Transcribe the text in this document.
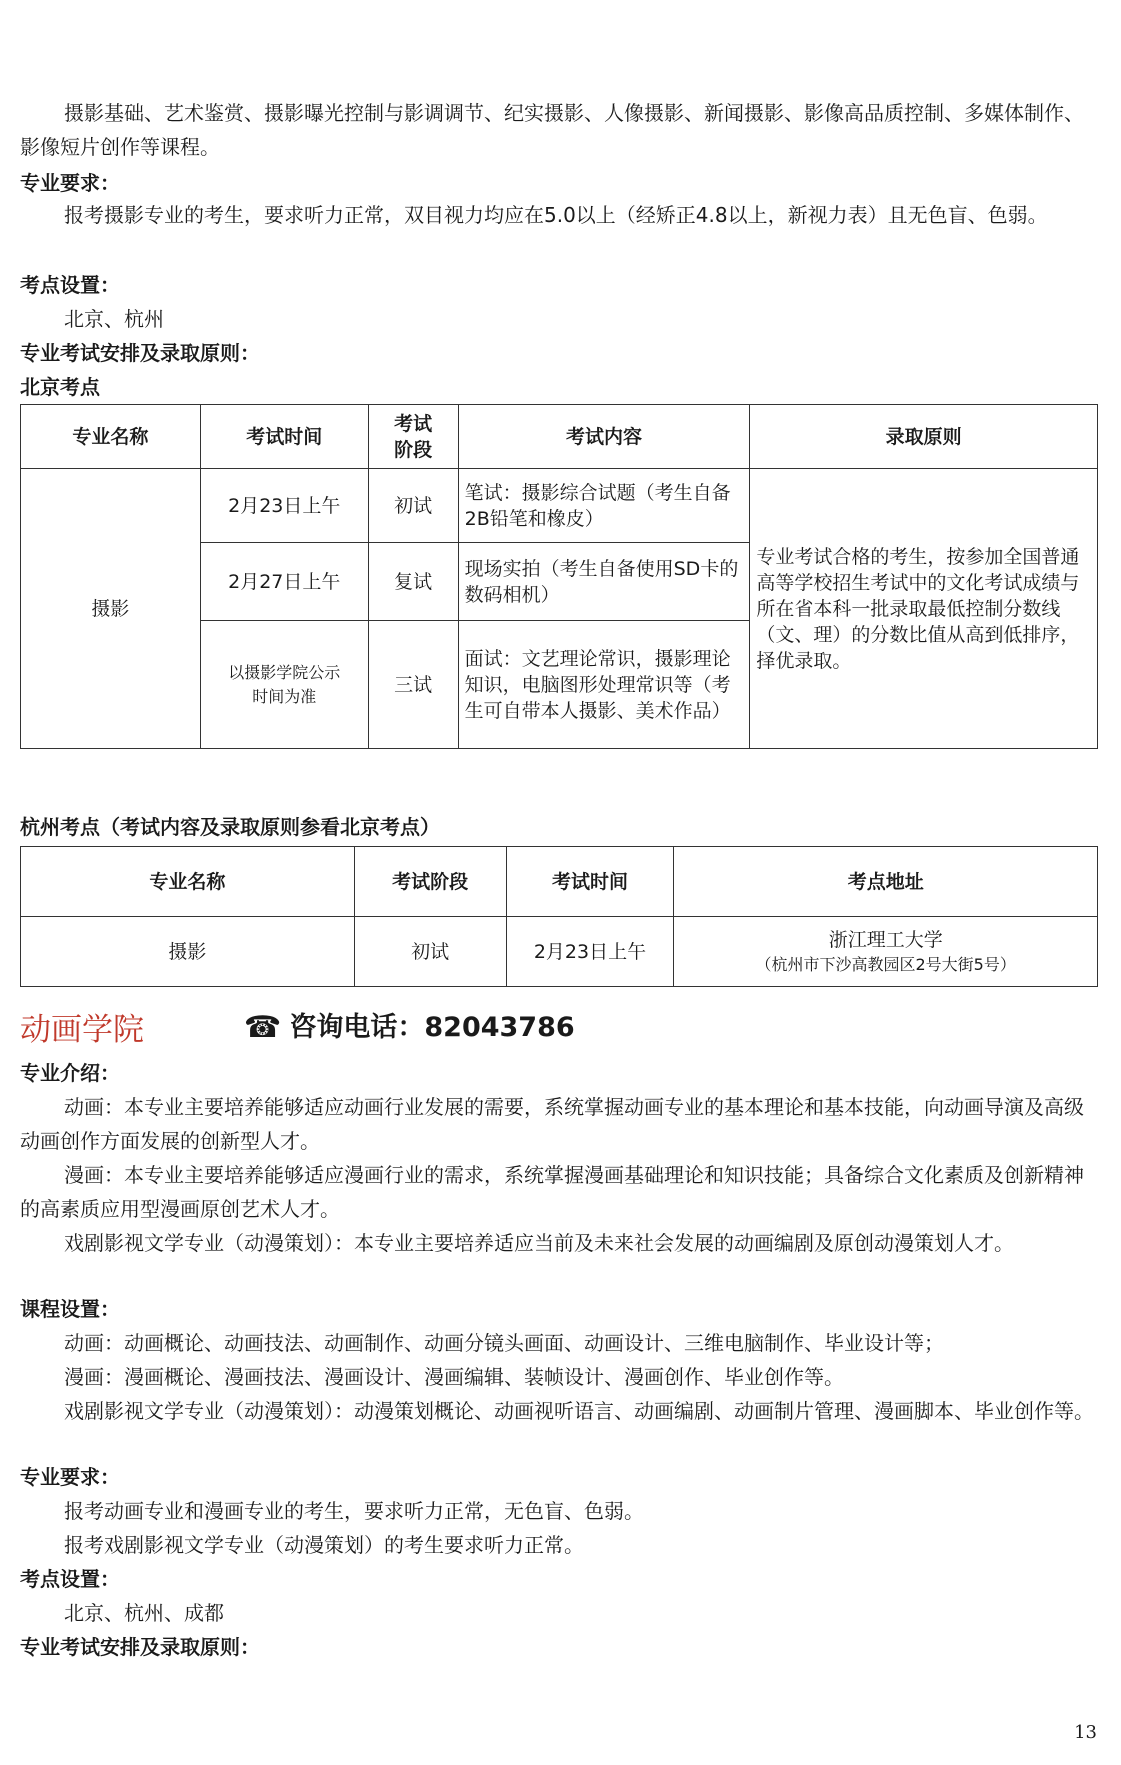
摄影基础、艺术鉴赏、摄影曝光控制与影调调节、纪实摄影、人像摄影、新闻摄影、影像高品质控制、多媒体制作、影像短片创作等课程。

专业要求：

报考摄影专业的考生，要求听力正常，双目视力均应在5.0以上（经矫正4.8以上，新视力表）且无色盲、色弱。

考点设置：

北京、杭州

专业考试安排及录取原则：

北京考点

专业名称	考试时间	考试阶段	考试内容	录取原则
摄影	2月23日上午	初试	笔试：摄影综合试题（考生自备2B铅笔和橡皮）	专业考试合格的考生，按参加全国普通高等学校招生考试中的文化考试成绩与所在省本科一批录取最低控制分数线（文、理）的分数比值从高到低排序，择优录取。
	2月27日上午	复试	现场实拍（考生自备使用SD卡的数码相机）	
	以摄影学院公示时间为准	三试	面试：文艺理论常识，摄影理论知识，电脑图形处理常识等（考生可自带本人摄影、美术作品）	

杭州考点（考试内容及录取原则参看北京考点）

专业名称	考试阶段	考试时间	考点地址
摄影	初试	2月23日上午	浙江理工大学
（杭州市下沙高教园区2号大街5号）
动画学院	☎ 咨询电话： 82043786

专业介绍：

动画：本专业主要培养能够适应动画行业发展的需要，系统掌握动画专业的基本理论和基本技能，向动画导演及高级动画创作方面发展的创新型人才。

漫画：本专业主要培养能够适应漫画行业的需求，系统掌握漫画基础理论和知识技能；具备综合文化素质及创新精神的高素质应用型漫画原创艺术人才。

戏剧影视文学专业（动漫策划）：本专业主要培养适应当前及未来社会发展的动画编剧及原创动漫策划人才。

课程设置：

动画：动画概论、动画技法、动画制作、动画分镜头画面、动画设计、三维电脑制作、毕业设计等；

漫画：漫画概论、漫画技法、漫画设计、漫画编辑、装帧设计、漫画创作、毕业创作等。

戏剧影视文学专业（动漫策划）：动漫策划概论、动画视听语言、动画编剧、动画制片管理、漫画脚本、毕业创作等。

专业要求：

报考动画专业和漫画专业的考生，要求听力正常，无色盲、色弱。

报考戏剧影视文学专业（动漫策划）的考生要求听力正常。

考点设置：

北京、杭州、成都

专业考试安排及录取原则：

13
